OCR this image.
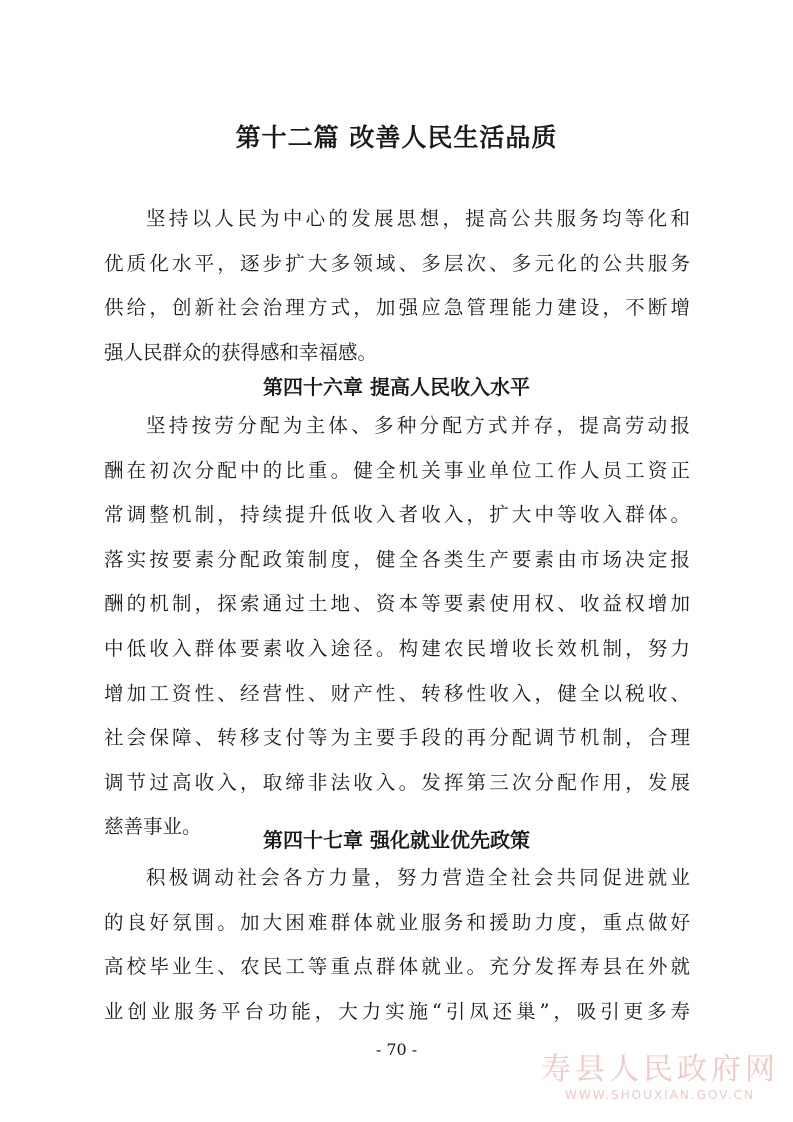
第十二篇 改善人民生活品质
坚持以人民为中心的发展思想，提高公共服务均等化和
优质化水平，逐步扩大多领域、多层次、多元化的公共服务
供给，创新社会治理方式，加强应急管理能力建设，不断增
强人民群众的获得感和幸福感。
第四十六章 提高人民收入水平
坚持按劳分配为主体、多种分配方式并存，提高劳动报
酬在初次分配中的比重。健全机关事业单位工作人员工资正
常调整机制，持续提升低收入者收入，扩大中等收入群体。
落实按要素分配政策制度，健全各类生产要素由市场决定报
酬的机制，探索通过土地、资本等要素使用权、收益权增加
中低收入群体要素收入途径。构建农民增收长效机制，努力
增加工资性、经营性、财产性、转移性收入，健全以税收、
社会保障、转移支付等为主要手段的再分配调节机制，合理
调节过高收入，取缔非法收入。发挥第三次分配作用，发展
慈善事业。
第四十七章 强化就业优先政策
积极调动社会各方力量，努力营造全社会共同促进就业
的良好氛围。加大困难群体就业服务和援助力度，重点做好
高校毕业生、农民工等重点群体就业。充分发挥寿县在外就
业创业服务平台功能，大力实施“引凤还巢”，吸引更多寿
- 70 -
寿县人民政府网
WWW.SHOUXIAN.GOV.CN
